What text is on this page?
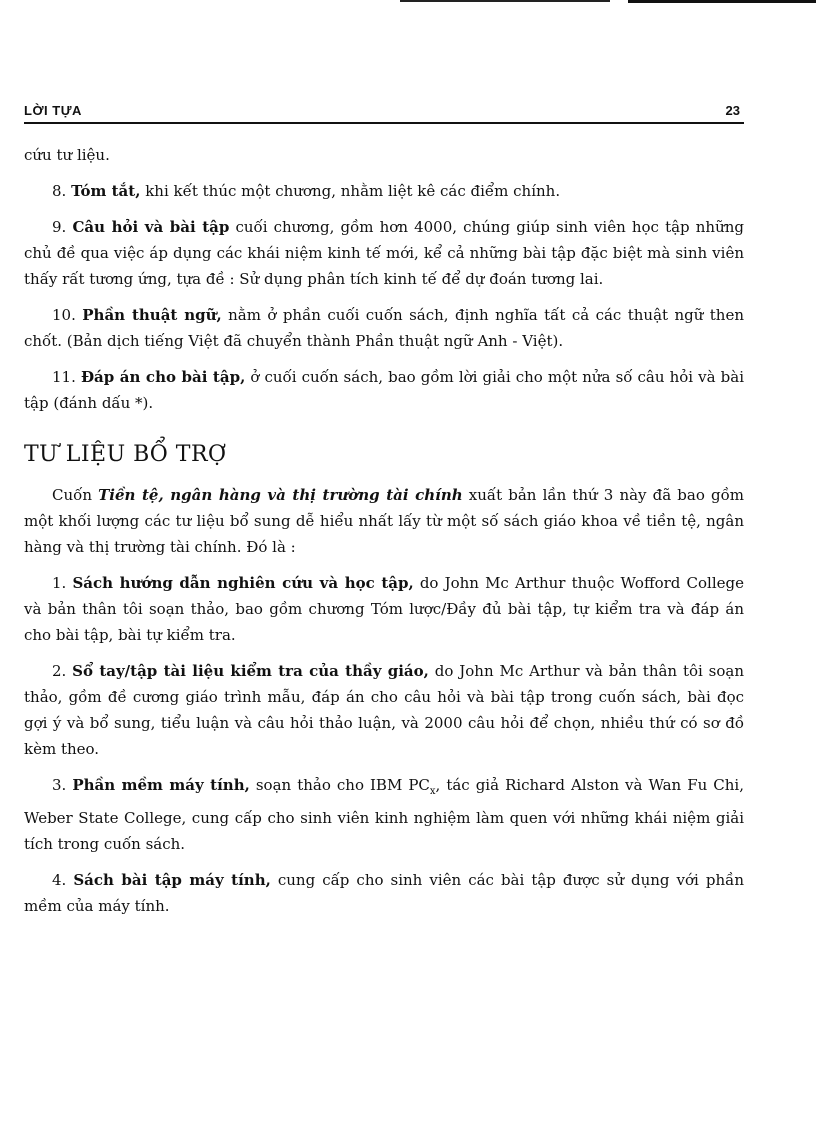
LỜI TỰA	23

cứu tư liệu.

8. Tóm tắt, khi kết thúc một chương, nhằm liệt kê các điểm chính.

9. Câu hỏi và bài tập cuối chương, gồm hơn 4000, chúng giúp sinh viên học tập những chủ đề qua việc áp dụng các khái niệm kinh tế mới, kể cả những bài tập đặc biệt mà sinh viên thấy rất tương ứng, tựa đề : Sử dụng phân tích kinh tế để dự đoán tương lai.

10. Phần thuật ngữ, nằm ở phần cuối cuốn sách, định nghĩa tất cả các thuật ngữ then chốt. (Bản dịch tiếng Việt đã chuyển thành Phần thuật ngữ Anh - Việt).

11. Đáp án cho bài tập, ở cuối cuốn sách, bao gồm lời giải cho một nửa số câu hỏi và bài tập (đánh dấu *).

TƯ LIỆU BỔ TRỢ

Cuốn Tiền tệ, ngân hàng và thị trường tài chính xuất bản lần thứ 3 này đã bao gồm một khối lượng các tư liệu bổ sung dễ hiểu nhất lấy từ một số sách giáo khoa về tiền tệ, ngân hàng và thị trường tài chính. Đó là :

1. Sách hướng dẫn nghiên cứu và học tập, do John Mc Arthur thuộc Wofford College và bản thân tôi soạn thảo, bao gồm chương Tóm lược/Đầy đủ bài tập, tự kiểm tra và đáp án cho bài tập, bài tự kiểm tra.

2. Sổ tay/tập tài liệu kiểm tra của thầy giáo, do John Mc Arthur và bản thân tôi soạn thảo, gồm đề cương giáo trình mẫu, đáp án cho câu hỏi và bài tập trong cuốn sách, bài đọc gợi ý và bổ sung, tiểu luận và câu hỏi thảo luận, và 2000 câu hỏi để chọn, nhiều thứ có sơ đồ kèm theo.

3. Phần mềm máy tính, soạn thảo cho IBM $PC_x$, tác giả Richard Alston và Wan Fu Chi, Weber State College, cung cấp cho sinh viên kinh nghiệm làm quen với những khái niệm giải tích trong cuốn sách.

4. Sách bài tập máy tính, cung cấp cho sinh viên các bài tập được sử dụng với phần mềm của máy tính.
